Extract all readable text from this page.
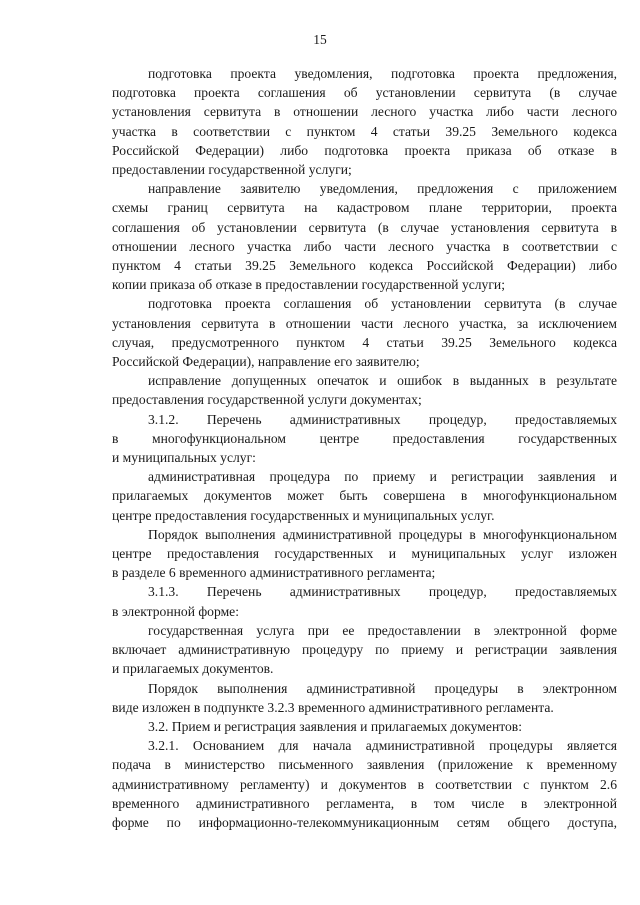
15

подготовка проекта уведомления, подготовка проекта предложения,

подготовка проекта соглашения об установлении сервитута (в случае

установления сервитута в отношении лесного участка либо части лесного

участка в соответствии с пунктом 4 статьи 39.25 Земельного кодекса

Российской Федерации) либо подготовка проекта приказа об отказе в

предоставлении государственной услуги;

направление заявителю уведомления, предложения с приложением

схемы границ сервитута на кадастровом плане территории, проекта

соглашения об установлении сервитута (в случае установления сервитута в

отношении лесного участка либо части лесного участка в соответствии с

пунктом 4 статьи 39.25 Земельного кодекса Российской Федерации) либо

копии приказа об отказе в предоставлении государственной услуги;

подготовка проекта соглашения об установлении сервитута (в случае

установления сервитута в отношении части лесного участка, за исключением

случая, предусмотренного пунктом 4 статьи 39.25 Земельного кодекса

Российской Федерации), направление его заявителю;

исправление допущенных опечаток и ошибок в выданных в результате

предоставления государственной услуги документах;

3.1.2. Перечень административных процедур, предоставляемых

в многофункциональном центре предоставления государственных

и муниципальных услуг:

административная процедура по приему и регистрации заявления и

прилагаемых документов может быть совершена в многофункциональном

центре предоставления государственных и муниципальных услуг.

Порядок выполнения административной процедуры в многофункциональном

центре предоставления государственных и муниципальных услуг изложен

в разделе 6 временного административного регламента;

3.1.3. Перечень административных процедур, предоставляемых

в электронной форме:

государственная услуга при ее предоставлении в электронной форме

включает административную процедуру по приему и регистрации заявления

и прилагаемых документов.

Порядок выполнения административной процедуры в электронном

виде изложен в подпункте 3.2.3 временного административного регламента.

3.2. Прием и регистрация заявления и прилагаемых документов:

3.2.1. Основанием для начала административной процедуры является

подача в министерство письменного заявления (приложение к временному

административному регламенту) и документов в соответствии с пунктом 2.6

временного административного регламента, в том числе в электронной

форме по информационно-телекоммуникационным сетям общего доступа,
